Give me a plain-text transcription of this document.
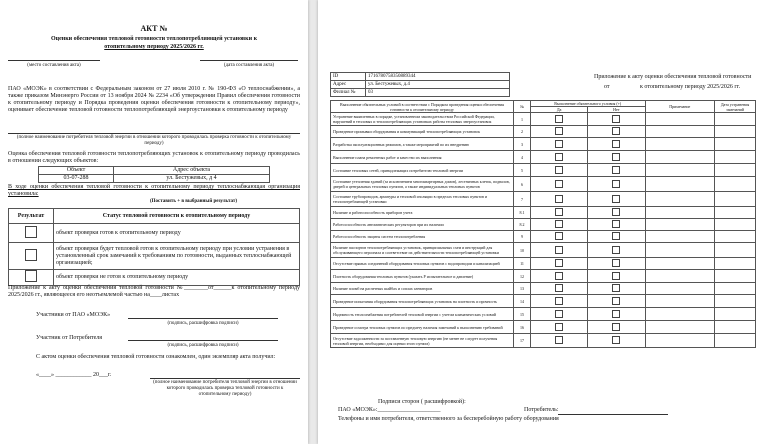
АКТ №
Оценки обеспечения тепловой готовности теплопотребляющей установки к
отопительному периоду 2025/2026 гг.
(место составления акта)	(дата составления акта)
ПАО «МОЭК» в соответствии с Федеральным законом от 27 июля 2010 г. № 190-ФЗ «О теплоснабжении», а также приказом Минэнерго России от 13 ноября 2024 № 2234 «Об утверждении Правил обеспечения готовности к отопительному периоду и Порядка проведения оценки обеспечения готовности к отопительному периоду», оценивает обеспечение тепловой готовности теплопотребляющей энергоустановки к отопительному периоду
(полное наименование потребителя тепловой энергии в отношении которого проводилась проверка готовности к отопительному периоду)
Оценка обеспечения тепловой готовности теплопотребляющих установок к отопительному периоду проводилась в отношении следующих объектов:
Объект	Адрес объекта
03-07-288	ул. Бестужевых, д 4
В ходе оценки обеспечения тепловой готовности к отопительному периоду теплоснабжающая организация установила:
(Поставить + в выбранный результат)
Результат	Статус тепловой готовности к отопительному периоду
	объект проверки готов к отопительному периоду
	объект проверки будет тепловой готов к отопительному периоду при условии устранения в установленный срок замечаний к требованиям по готовности, выданных теплоснабжающей организацией;
	объект проверки не готов к отопительному периоду
Приложение к акту оценки обеспечения тепловой готовности №________от______к отопительному периоду 2025/2026 гг., являющееся его неотъемлемой частью на____листах
Участники от ПАО «МОЭК»
(подпись, расшифровка подписи)
Участник от Потребителя
(подпись, расшифровка подписи)
С актом оценки обеспечения тепловой готовности ознакомлен, один экземпляр акта получил:
«____» ____________ 20___г.
(полное наименование потребителя тепловой энергии в отношении которого проводилась проверка тепловой готовности к отопительному периоду)
ID	1716780758350889344
Адрес	ул. Бестужевых, д.4
Филиал №	03
Приложение к акту оценки обеспечения тепловой готовности
от	к отопительному периоду 2025/2026 гг.
Выполнение обязательных условий в соответствии с Порядком проведения оценки обеспечения готовности к отопительному периоду	№	Выполнение обязательного условия (+)		Примечание	Дата устранения замечаний
		Да	Нет		
Устранение выявленных в порядке, установленном законодательством Российской Федерации, нарушений в тепловых и теплопотребляющих установках работы тепловых энергоустановок	1				
Проведение промывки оборудования и коммуникаций теплопотребляющих установок	2				
Разработка эксплуатационных режимов, а также мероприятий по их внедрению	3				
Выполнение плана ремонтных работ и качество их выполнения	4				
Состояние тепловых сетей, принадлежащих потребителю тепловой энергии	5				
Состояние утепления зданий (за исключением многоквартирных домов), лестничных клеток, подвалов, дверей и центральных тепловых пунктов, а также индивидуальных тепловых пунктов	6				
Состояние трубопроводов, арматуры и тепловой изоляции в пределах тепловых пунктов и теплопотребляющей установки	7				
Наличие и работоспособность приборов учета	8.1				
Работоспособность автоматических регуляторов при их наличии	8.2				
Работоспособность защиты систем теплопотребления	9				
Наличие паспортов теплопотребляющих установок, принципиальных схем и инструкций для обслуживающего персонала и соответствие их действительности теплопотребляющей установки	10				
Отсутствие прямых соединений оборудования тепловых пунктов с водопроводом и канализацией	11				
Плотность оборудования тепловых пунктов (указать Р испытательное и давление)	12				
Наличие пломб на расчетных шайбах и соплах элеваторов	13				
Проведение испытания оборудования теплопотребляющих установок на плотность и прочность	14				
Надежность теплоснабжения потребителей тепловой энергии с учетом климатических условий	15				
Проведение осмотра тепловых пунктов по предмету наличия замечаний к выполнению требований	16				
Отсутствие задолженности за поставленную тепловую энергию (не менее не следует получения тепловой энергии, необходимо для оценки этого пункта)	17				
Подписи сторон ( расшифровкой):
ПАО «МОЭК»:_____________________	Потребитель:
Телефоны и имя потребителя, ответственного за бесперебойную работу оборудования
